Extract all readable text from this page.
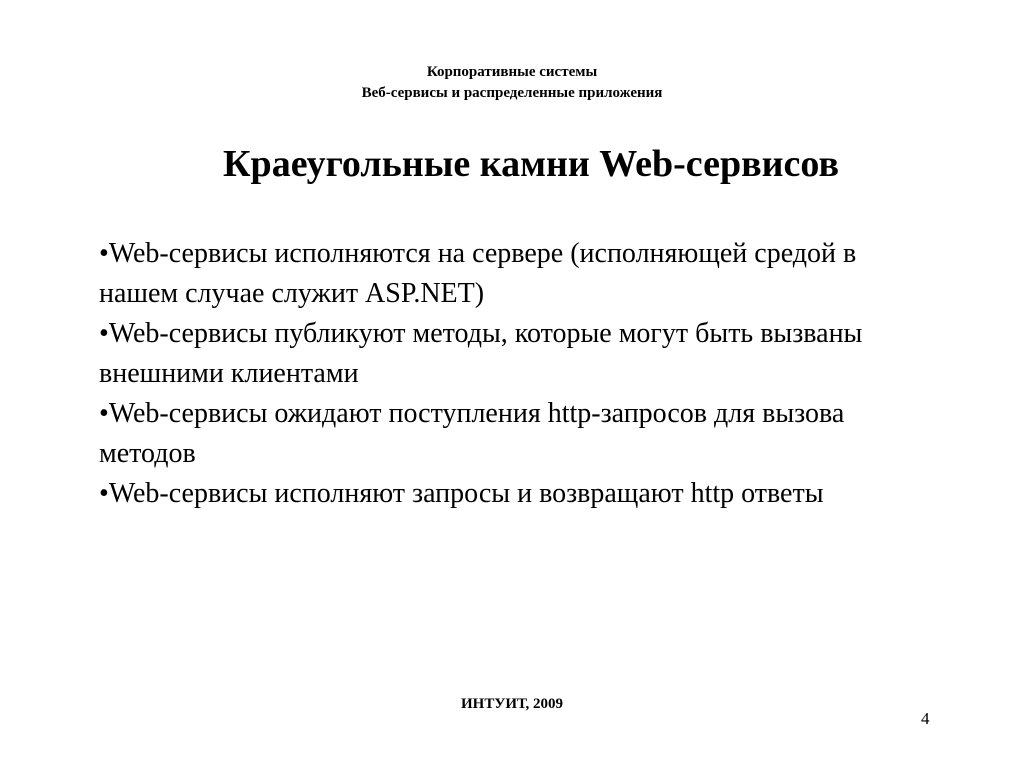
Корпоративные системы
Веб-сервисы и распределенные приложения
Краеугольные камни Web-сервисов
•Web-сервисы исполняются на сервере (исполняющей средой в нашем случае служит ASP.NET)
•Web-сервисы публикуют методы, которые могут быть вызваны внешними клиентами
•Web-сервисы ожидают поступления http-запросов для вызова методов
•Web-сервисы исполняют запросы и возвращают http ответы
ИНТУИТ, 2009
4
